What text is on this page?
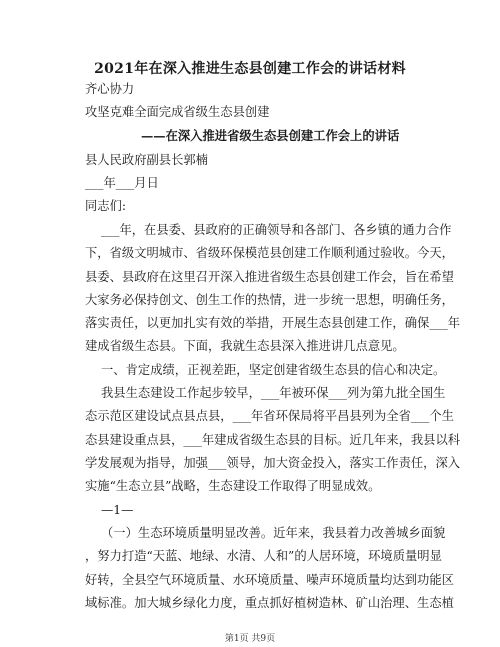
2021年在深入推进生态县创建工作会的讲话材料
齐心协力
攻坚克难全面完成省级生态县创建
——在深入推进省级生态县创建工作会上的讲话
县人民政府副县长郭楠
___年___月日
同志们:
___年，在县委、县政府的正确领导和各部门、各乡镇的通力合作
下，省级文明城市、省级环保模范县创建工作顺利通过验收。今天，
县委、县政府在这里召开深入推进省级生态县创建工作会，旨在希望
大家务必保持创文、创生工作的热情，进一步统一思想，明确任务，
落实责任，以更加扎实有效的举措，开展生态县创建工作，确保___年
建成省级生态县。下面，我就生态县深入推进讲几点意见。
一、肯定成绩，正视差距，坚定创建省级生态县的信心和决定。
我县生态建设工作起步较早，___年被环保___列为第九批全国生
态示范区建设试点县点县，___年省环保局将平昌县列为全省___个生
态县建设重点县，___年建成省级生态县的目标。近几年来，我县以科
学发展观为指导，加强___领导，加大资金投入，落实工作责任，深入
实施“生态立县”战略，生态建设工作取得了明显成效。
—1—
（一）生态环境质量明显改善。近年来，我县着力改善城乡面貌
，努力打造“天蓝、地绿、水清、人和”的人居环境，环境质量明显
好转，全县空气环境质量、水环境质量、噪声环境质量均达到功能区
域标准。加大城乡绿化力度，重点抓好植树造林、矿山治理、生态植
第1页 共9页
